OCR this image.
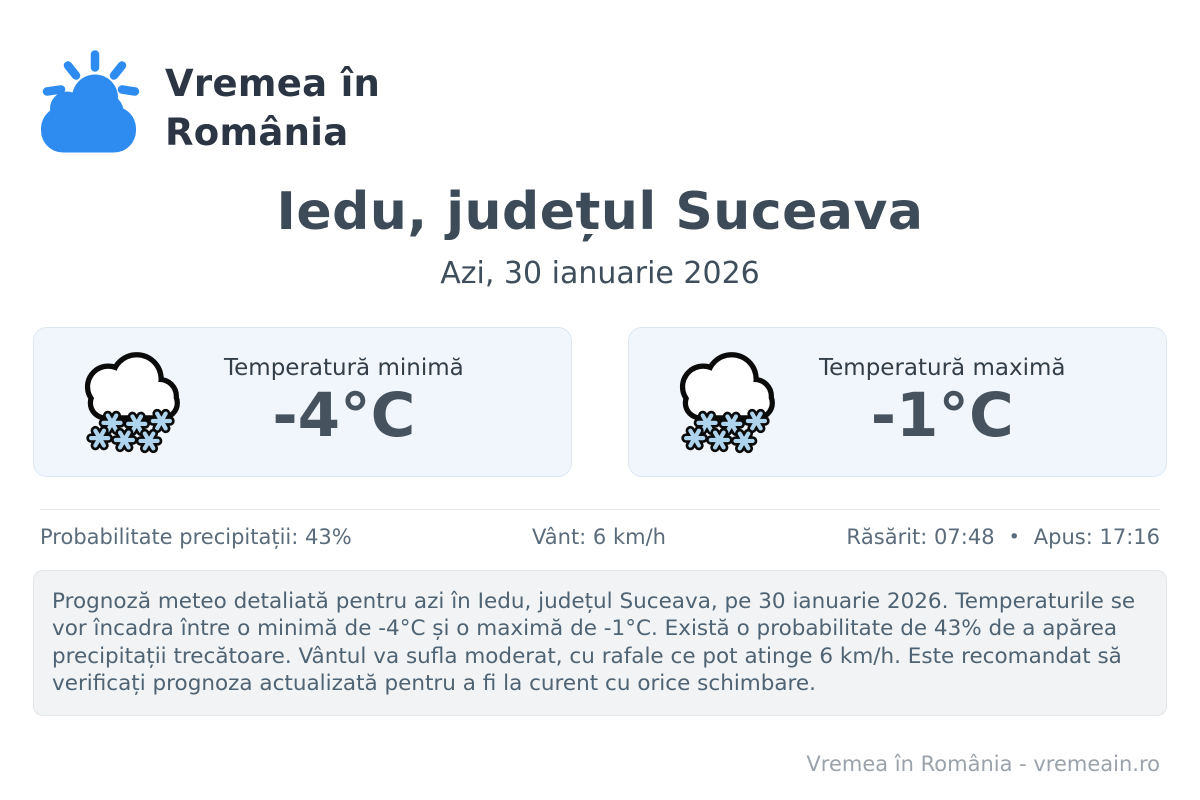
Vremea în
România
Iedu, județul Suceava
Azi, 30 ianuarie 2026
Temperatură minimă
-4°C
Temperatură maximă
-1°C
Probabilitate precipitații: 43%	Vânt: 6 km/h	Răsărit: 07:48 • Apus: 17:16
Prognoză meteo detaliată pentru azi în Iedu, județul Suceava, pe 30 ianuarie 2026. Temperaturile se vor încadra între o minimă de -4°C și o maximă de -1°C. Există o probabilitate de 43% de a apărea precipitații trecătoare. Vântul va sufla moderat, cu rafale ce pot atinge 6 km/h. Este recomandat să verificați prognoza actualizată pentru a fi la curent cu orice schimbare.
Vremea în România - vremeain.ro
